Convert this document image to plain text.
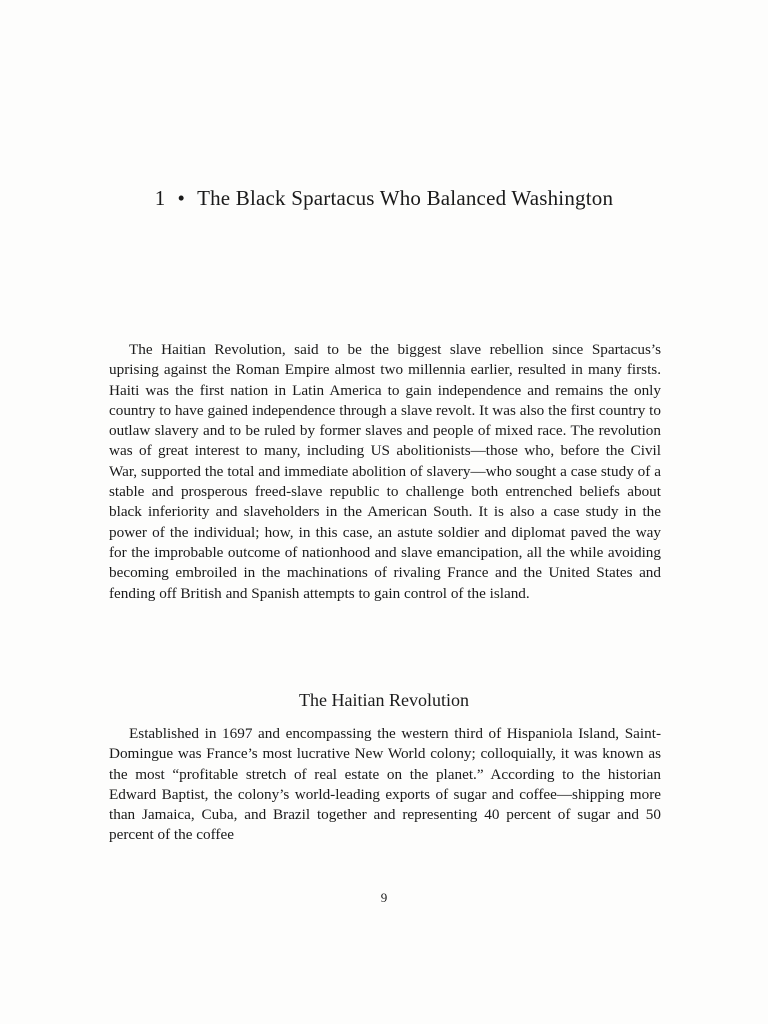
1 • The Black Spartacus Who Balanced Washington

The Haitian Revolution, said to be the biggest slave rebellion since Spartacus’s uprising against the Roman Empire almost two millennia earlier, resulted in many firsts. Haiti was the first nation in Latin America to gain independence and remains the only country to have gained independence through a slave revolt. It was also the first country to outlaw slavery and to be ruled by former slaves and people of mixed race. The revolution was of great interest to many, including US abolitionists—those who, before the Civil War, supported the total and immediate abolition of slavery—who sought a case study of a stable and prosperous freed-slave republic to challenge both entrenched beliefs about black inferiority and slaveholders in the American South. It is also a case study in the power of the individual; how, in this case, an astute soldier and diplomat paved the way for the improbable outcome of nationhood and slave emancipation, all the while avoiding becoming embroiled in the machinations of rivaling France and the United States and fending off British and Spanish attempts to gain control of the island.

The Haitian Revolution

Established in 1697 and encompassing the western third of Hispaniola Island, Saint-Domingue was France’s most lucrative New World colony; colloquially, it was known as the most “profitable stretch of real estate on the planet.” According to the historian Edward Baptist, the colony’s world-leading exports of sugar and coffee—shipping more than Jamaica, Cuba, and Brazil together and representing 40 percent of sugar and 50 percent of the coffee

9
